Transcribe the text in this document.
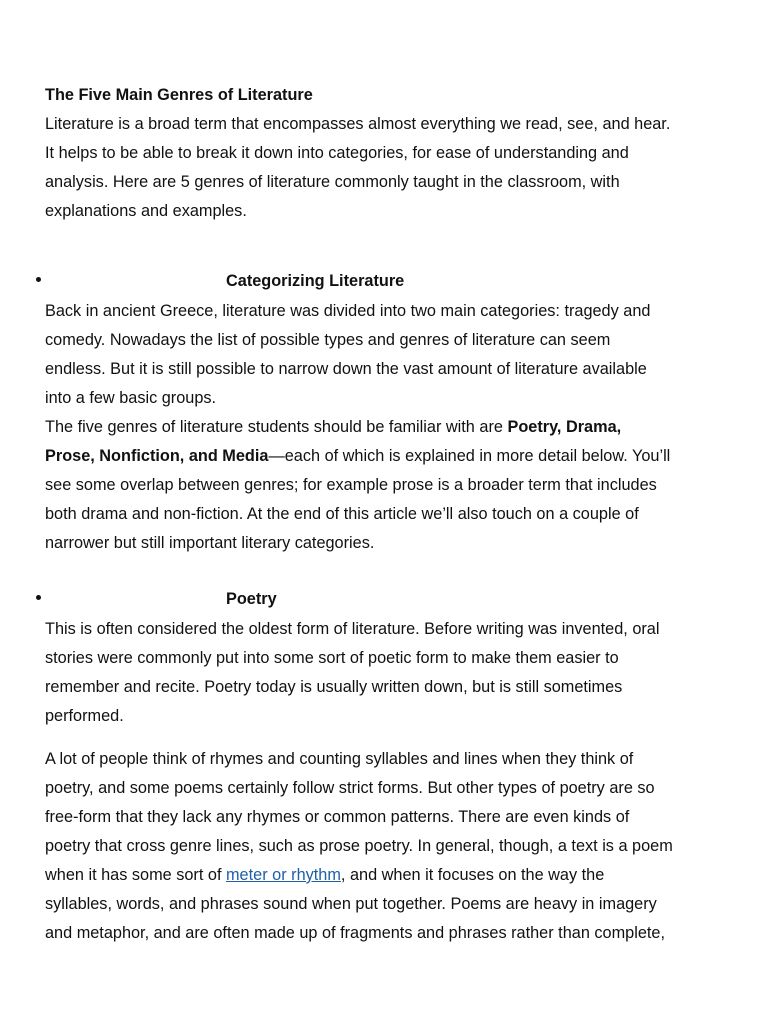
The Five Main Genres of Literature
Literature is a broad term that encompasses almost everything we read, see, and hear.
It helps to be able to break it down into categories, for ease of understanding and
analysis. Here are 5 genres of literature commonly taught in the classroom, with
explanations and examples.
Categorizing Literature
Back in ancient Greece, literature was divided into two main categories: tragedy and
comedy. Nowadays the list of possible types and genres of literature can seem
endless. But it is still possible to narrow down the vast amount of literature available
into a few basic groups.
The five genres of literature students should be familiar with are Poetry, Drama,
Prose, Nonfiction, and Media—each of which is explained in more detail below. You’ll
see some overlap between genres; for example prose is a broader term that includes
both drama and non-fiction. At the end of this article we’ll also touch on a couple of
narrower but still important literary categories.
Poetry
This is often considered the oldest form of literature. Before writing was invented, oral
stories were commonly put into some sort of poetic form to make them easier to
remember and recite. Poetry today is usually written down, but is still sometimes
performed.
A lot of people think of rhymes and counting syllables and lines when they think of
poetry, and some poems certainly follow strict forms. But other types of poetry are so
free-form that they lack any rhymes or common patterns. There are even kinds of
poetry that cross genre lines, such as prose poetry. In general, though, a text is a poem
when it has some sort of meter or rhythm, and when it focuses on the way the
syllables, words, and phrases sound when put together. Poems are heavy in imagery
and metaphor, and are often made up of fragments and phrases rather than complete,
